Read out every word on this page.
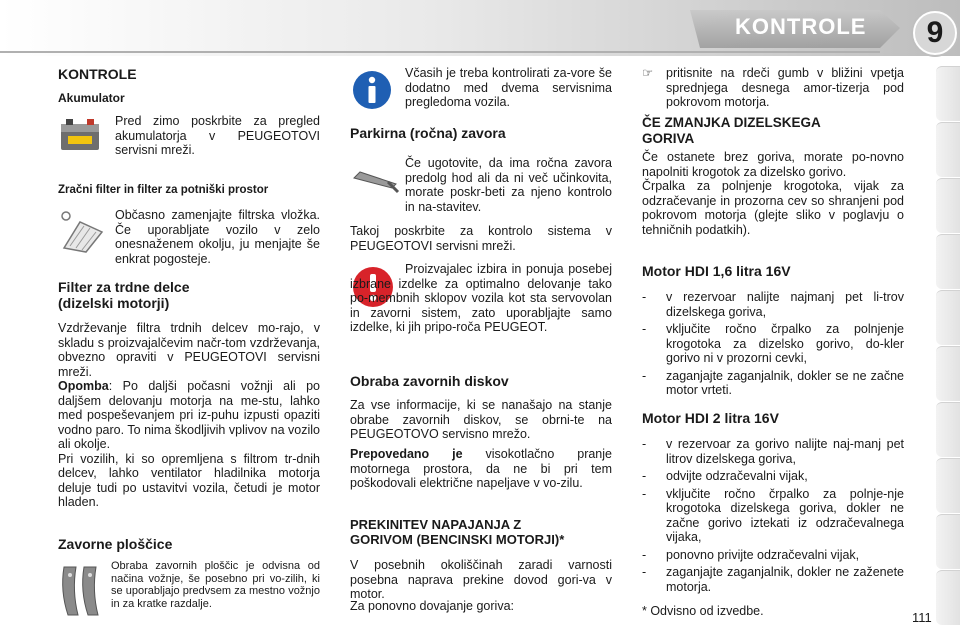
KONTROLE	9
KONTROLE
Akumulator

Pred zimo poskrbite za pregled akumulatorja v PEUGEOTOVI servisni mreži.

Zračni filter in filter za potniški prostor

Občasno zamenjajte filtrska vložka. Če uporabljate vozilo v zelo onesnaženem okolju, ju menjajte še enkrat pogosteje.

Filter za trdne delce
(dizelski motorji)

Vzdrževanje filtra trdnih delcev mo-rajo, v skladu s proizvajalčevim načr-tom vzdrževanja, obvezno opraviti v PEUGEOTOVI servisni mreži.

Opomba: Po daljši počasni vožnji ali po daljšem delovanju motorja na me-stu, lahko med pospeševanjem pri iz-puhu izpusti opaziti vodno paro. To nima škodljivih vplivov na vozilo ali okolje.

Pri vozilih, ki so opremljena s filtrom tr-dnih delcev, lahko ventilator hladilnika motorja deluje tudi po ustavitvi vozila, četudi je motor hladen.

Zavorne ploščice

Obraba zavornih ploščic je odvisna od načina vožnje, še posebno pri vo-zilih, ki se uporabljajo predvsem za mestno vožnjo in za kratke razdalje.

Včasih je treba kontrolirati za-vore še dodatno med dvema servisnima pregledoma vozila.

Parkirna (ročna) zavora

Če ugotovite, da ima ročna zavora predolg hod ali da ni več učinkovita, morate poskr-beti za njeno kontrolo in na-stavitev.

Takoj poskrbite za kontrolo sistema v PEUGEOTOVI servisni mreži.

Proizvajalec izbira in ponuja posebej izbrane izdelke za optimalno delovanje tako po-membnih sklopov vozila kot sta servovolan in zavorni sistem, zato uporabljajte samo izdelke, ki jih pripo-roča PEUGEOT.

Obraba zavornih diskov

Za vse informacije, ki se nanašajo na stanje obrabe zavornih diskov, se obrni-te na PEUGEOTOVO servisno mrežo.

Prepovedano je visokotlačno pranje motornega prostora, da ne bi pri tem poškodovali električne napeljave v vo-zilu.

PREKINITEV NAPAJANJA Z
GORIVOM (BENCINSKI MOTORJI)*

V posebnih okoliščinah zaradi varnosti posebna naprava prekine dovod gori-va v motor.

Za ponovno dovajanje goriva:

☞ pritisnite na rdeči gumb v bližini vpetja sprednjega desnega amor-tizerja pod pokrovom motorja.

ČE ZMANJKA DIZELSKEGA
GORIVA

Če ostanete brez goriva, morate po-novno napolniti krogotok za dizelsko gorivo.

Črpalka za polnjenje krogotoka, vijak za odzračevanje in prozorna cev so shranjeni pod pokrovom motorja (glejte sliko v poglavju o tehničnih podatkih).

Motor HDI 1,6 litra 16V

- v rezervoar nalijte najmanj pet li-trov dizelskega goriva,

- vključite ročno črpalko za polnjenje krogotoka za dizelsko gorivo, do-kler gorivo ni v prozorni cevki,

- zaganjajte zaganjalnik, dokler se ne začne motor vrteti.

Motor HDI 2 litra 16V

- v rezervoar za gorivo nalijte naj-manj pet litrov dizelskega goriva,

- odvijte odzračevalni vijak,

- vključite ročno črpalko za polnje-nje krogotoka dizelskega goriva, dokler ne začne gorivo iztekati iz odzračevalnega vijaka,

- ponovno privijte odzračevalni vijak,

- zaganjajte zaganjalnik, dokler ne zaženete motorja.

* Odvisno od izvedbe.	111
